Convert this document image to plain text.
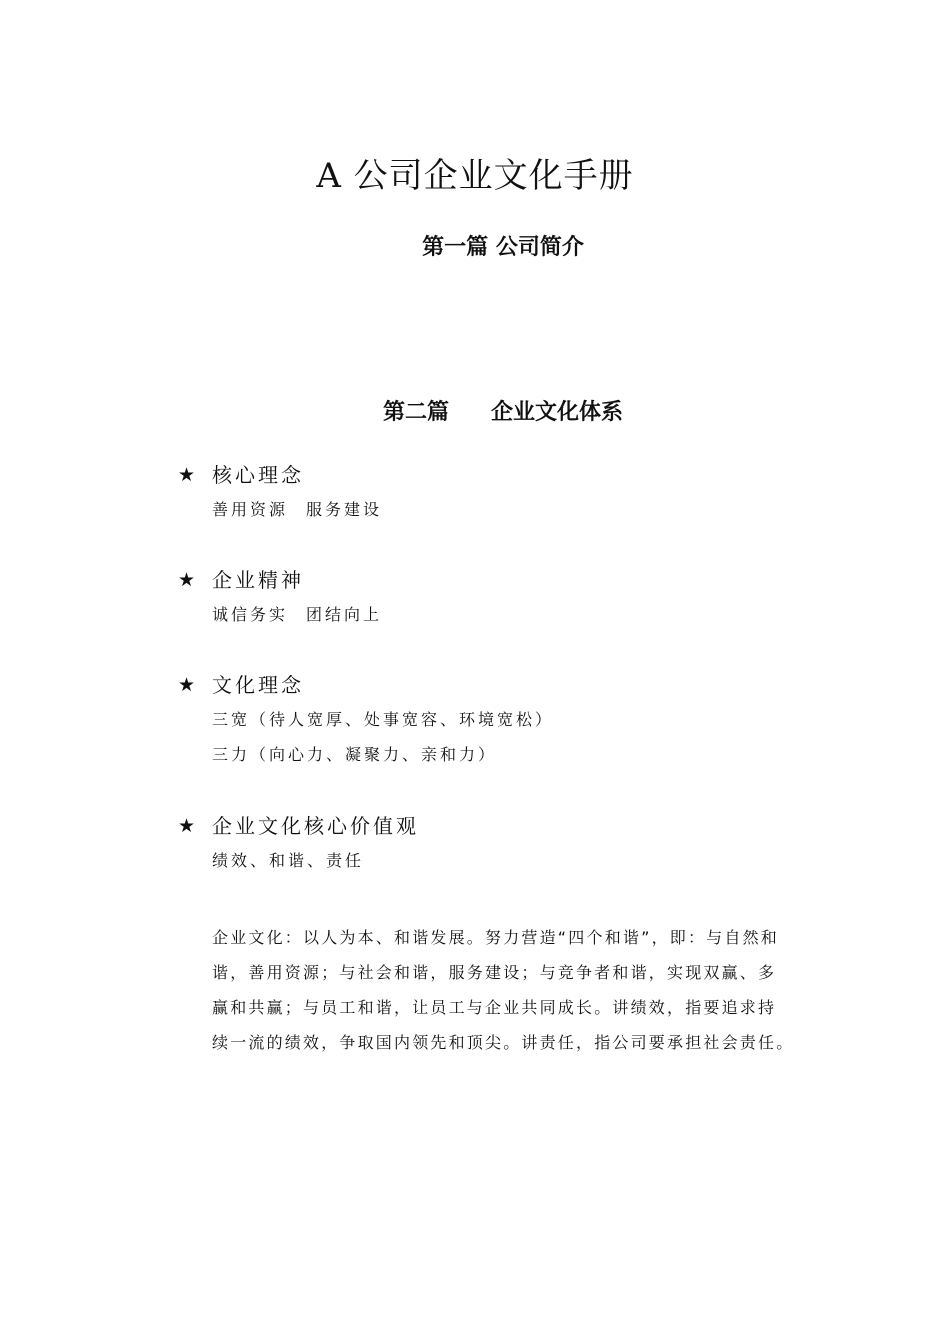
A 公司企业文化手册
第一篇 公司简介
第二篇 企业文化体系
★ 核心理念
善用资源 服务建设
★ 企业精神
诚信务实 团结向上
★ 文化理念
三宽（待人宽厚、处事宽容、环境宽松）
三力（向心力、凝聚力、亲和力）
★ 企业文化核心价值观
绩效、和谐、责任
企业文化：以人为本、和谐发展。努力营造“四个和谐”，即：与自然和
谐，善用资源；与社会和谐，服务建设；与竞争者和谐，实现双赢、多
赢和共赢；与员工和谐，让员工与企业共同成长。讲绩效，指要追求持
续一流的绩效，争取国内领先和顶尖。讲责任，指公司要承担社会责任。
